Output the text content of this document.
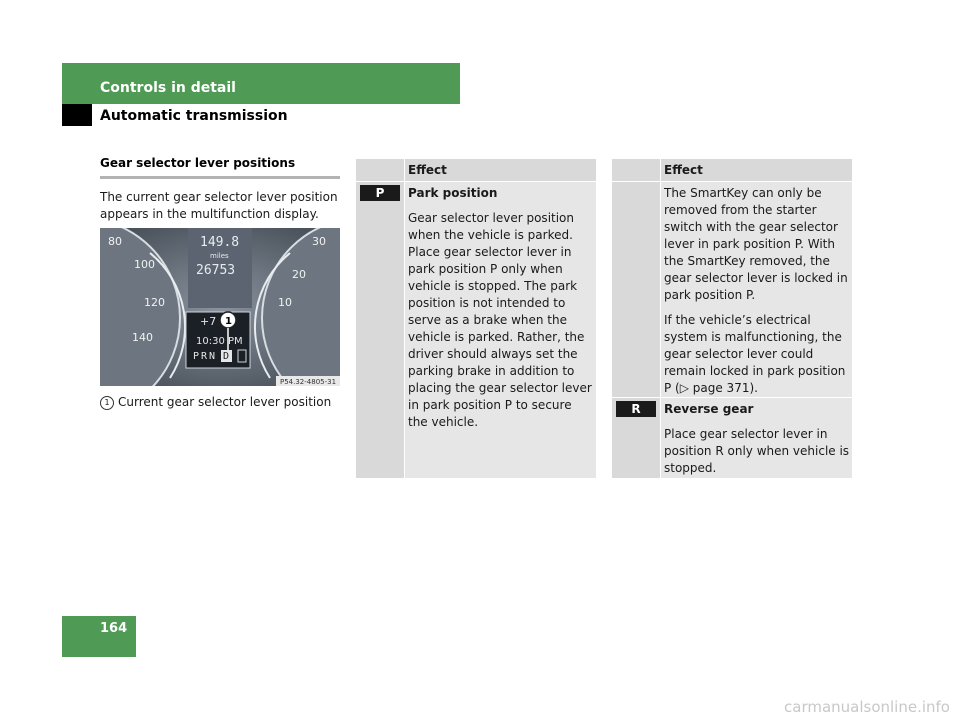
Controls in detail
Automatic transmission
Gear selector lever positions
The current gear selector lever position appears in the multifunction display.
80
100
120
140
30
20
10
149.8
miles
26753
+7 1
10:30 PM
P R N D
P54.32-4805-31
1 Current gear selector lever position
Effect
P	Park position

Gear selector lever position when the vehicle is parked. Place gear selector lever in park position P only when vehicle is stopped. The park position is not intended to serve as a brake when the vehicle is parked. Rather, the driver should always set the parking brake in addition to placing the gear selector lever in park position P to secure the vehicle.

Effect

The SmartKey can only be removed from the starter switch with the gear selector lever in park position P. With the SmartKey removed, the gear selector lever is locked in park position P.

If the vehicle’s electrical system is malfunctioning, the gear selector lever could remain locked in park position P (▷ page 371).

R	Reverse gear

Place gear selector lever in position R only when vehicle is stopped.

164
carmanualsonline.info
